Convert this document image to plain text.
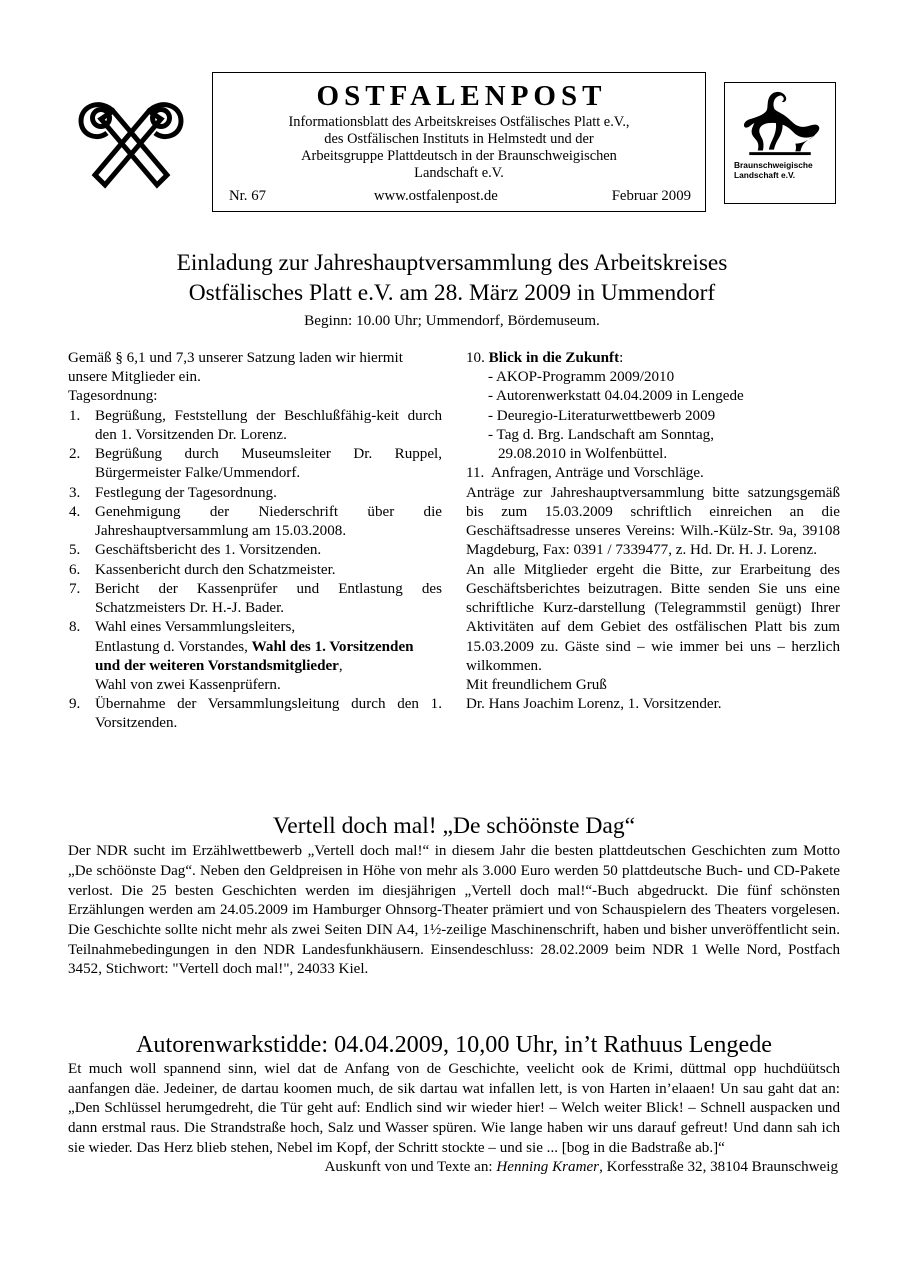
OSTFALENPOST
Informationsblatt des Arbeitskreises Ostfälisches Platt e.V.,
des Ostfälischen Instituts in Helmstedt und der
Arbeitsgruppe Plattdeutsch in der Braunschweigischen
Landschaft e.V.
Nr. 67	www.ostfalenpost.de	Februar 2009
Braunschweigische
Landschaft e.V.
Einladung zur Jahreshauptversammlung des Arbeitskreises
Ostfälisches Platt e.V. am 28. März 2009 in Ummendorf
Beginn: 10.00 Uhr; Ummendorf, Bördemuseum.

Gemäß § 6,1 und 7,3 unserer Satzung laden wir hiermit unsere Mitglieder ein.

Tagesordnung:

1. Begrüßung, Feststellung der Beschlußfähig-keit durch den 1. Vorsitzenden Dr. Lorenz.
2. Begrüßung durch Museumsleiter Dr. Ruppel, Bürgermeister Falke/Ummendorf.
3. Festlegung der Tagesordnung.
4. Genehmigung der Niederschrift über die Jahreshauptversammlung am 15.03.2008.
5. Geschäftsbericht des 1. Vorsitzenden.
6. Kassenbericht durch den Schatzmeister.
7. Bericht der Kassenprüfer und Entlastung des Schatzmeisters Dr. H.-J. Bader.
8. Wahl eines Versammlungsleiters,
Entlastung d. Vorstandes, Wahl des 1. Vorsitzenden und der weiteren Vorstandsmitglieder,
Wahl von zwei Kassenprüfern.
9. Übernahme der Versammlungsleitung durch den 1. Vorsitzenden.

10. Blick in die Zukunft:

- AKOP-Programm 2009/2010
- Autorenwerkstatt 04.04.2009 in Lengede
- Deuregio-Literaturwettbewerb 2009
- Tag d. Brg. Landschaft am Sonntag,
29.08.2010 in Wolfenbüttel.

11. Anfragen, Anträge und Vorschläge.

Anträge zur Jahreshauptversammlung bitte satzungsgemäß bis zum 15.03.2009 schriftlich einreichen an die Geschäftsadresse unseres Vereins: Wilh.-Külz-Str. 9a, 39108 Magdeburg, Fax: 0391 / 7339477, z. Hd. Dr. H. J. Lorenz.

An alle Mitglieder ergeht die Bitte, zur Erarbeitung des Geschäftsberichtes beizutragen. Bitte senden Sie uns eine schriftliche Kurz-darstellung (Telegrammstil genügt) Ihrer Aktivitäten auf dem Gebiet des ostfälischen Platt bis zum 15.03.2009 zu. Gäste sind – wie immer bei uns – herzlich wilkommen.

Mit freundlichem Gruß

Dr. Hans Joachim Lorenz, 1. Vorsitzender.

Vertell doch mal! „De schöönste Dag“

Der NDR sucht im Erzählwettbewerb „Vertell doch mal!“ in diesem Jahr die besten plattdeutschen Geschichten zum Motto „De schöönste Dag“. Neben den Geldpreisen in Höhe von mehr als 3.000 Euro werden 50 plattdeutsche Buch- und CD-Pakete verlost. Die 25 besten Geschichten werden im diesjährigen „Vertell doch mal!“-Buch abgedruckt. Die fünf schönsten Erzählungen werden am 24.05.2009 im Hamburger Ohnsorg-Theater prämiert und von Schauspielern des Theaters vorgelesen. Die Geschichte sollte nicht mehr als zwei Seiten DIN A4, 1½-zeilige Maschinenschrift, haben und bisher unveröffentlicht sein. Teilnahmebedingungen in den NDR Landesfunkhäusern. Einsendeschluss: 28.02.2009 beim NDR 1 Welle Nord, Postfach 3452, Stichwort: "Vertell doch mal!", 24033 Kiel.

Autorenwarkstidde: 04.04.2009, 10,00 Uhr, in’t Rathuus Lengede

Et much woll spannend sinn, wiel dat de Anfang von de Geschichte, veelicht ook de Krimi, düttmal opp huchdüütsch aanfangen däe. Jedeiner, de dartau koomen much, de sik dartau wat infallen lett, is von Harten in’elaaen! Un sau gaht dat an: „Den Schlüssel herumgedreht, die Tür geht auf: Endlich sind wir wieder hier! – Welch weiter Blick! – Schnell auspacken und dann erstmal raus. Die Strandstraße hoch, Salz und Wasser spüren. Wie lange haben wir uns darauf gefreut! Und dann sah ich sie wieder. Das Herz blieb stehen, Nebel im Kopf, der Schritt stockte – und sie ... [bog in die Badstraße ab.]“

Auskunft von und Texte an: Henning Kramer, Korfesstraße 32, 38104 Braunschweig
